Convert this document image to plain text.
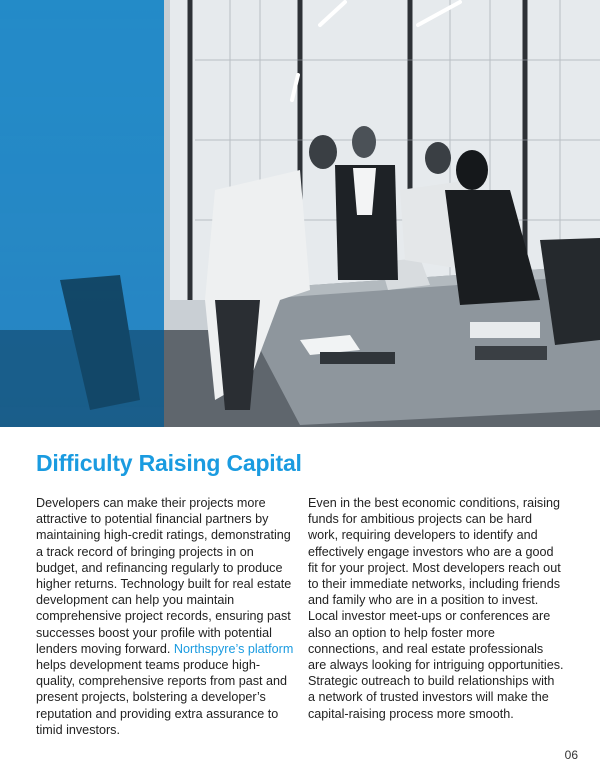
Difficulty Raising Capital

Developers can make their projects more attractive to potential financial partners by maintaining high-credit ratings, demonstrating a track record of bringing projects in on budget, and refinancing regularly to produce higher returns. Technology built for real estate development can help you maintain comprehensive project records, ensuring past successes boost your profile with potential lenders moving forward. Northspyre’s platform helps development teams produce high-quality, comprehensive reports from past and present projects, bolstering a developer’s reputation and providing extra assurance to timid investors.

Even in the best economic conditions, raising funds for ambitious projects can be hard work, requiring developers to identify and effectively engage investors who are a good fit for your project. Most developers reach out to their immediate networks, including friends and family who are in a position to invest. Local investor meet-ups or conferences are also an option to help foster more connections, and real estate professionals are always looking for intriguing opportunities. Strategic outreach to build relationships with a network of trusted investors will make the capital-raising process more smooth.

06
